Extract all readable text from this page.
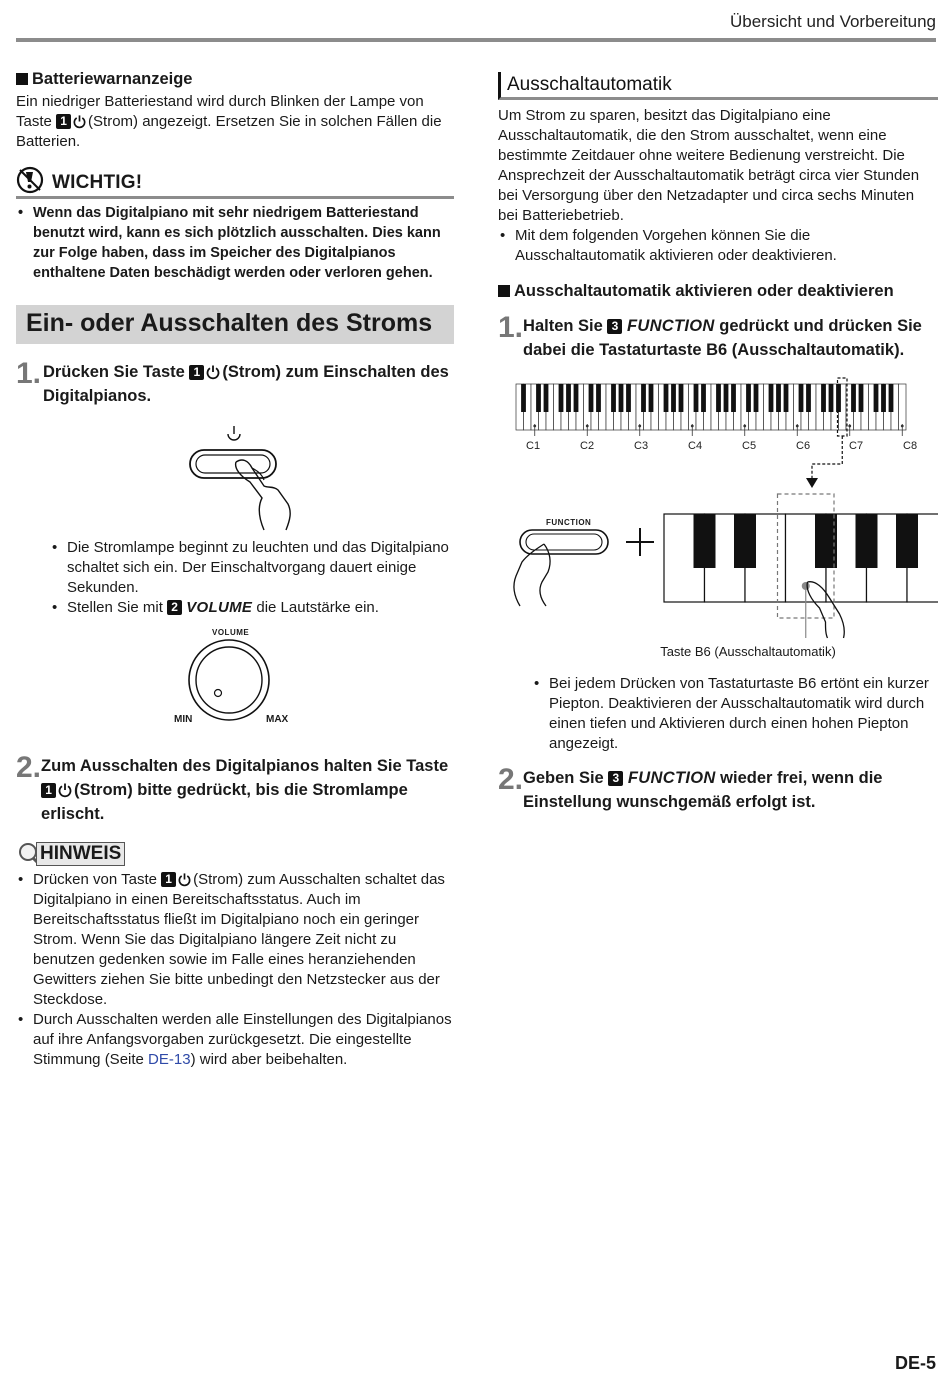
Übersicht und Vorbereitung
Batteriewarnanzeige

Ein niedriger Batteriestand wird durch Blinken der Lampe von Taste 1 (Strom) angezeigt. Ersetzen Sie in solchen Fällen die Batterien.

WICHTIG!
• Wenn das Digitalpiano mit sehr niedrigem Batteriestand benutzt wird, kann es sich plötzlich ausschalten. Dies kann zur Folge haben, dass im Speicher des Digitalpianos enthaltene Daten beschädigt werden oder verloren gehen.
Ein- oder Ausschalten des Stroms
1. Drücken Sie Taste 1 (Strom) zum Einschalten des Digitalpianos.
• Die Stromlampe beginnt zu leuchten und das Digitalpiano schaltet sich ein. Der Einschaltvorgang dauert einige Sekunden.
• Stellen Sie mit 2 VOLUME die Lautstärke ein.
VOLUME
MIN	MAX
2. Zum Ausschalten des Digitalpianos halten Sie Taste 1 (Strom) bitte gedrückt, bis die Stromlampe erlischt.
HINWEIS
• Drücken von Taste 1 (Strom) zum Ausschalten schaltet das Digitalpiano in einen Bereitschaftsstatus. Auch im Bereitschaftsstatus fließt im Digitalpiano noch ein geringer Strom. Wenn Sie das Digitalpiano längere Zeit nicht zu benutzen gedenken sowie im Falle eines heranziehenden Gewitters ziehen Sie bitte unbedingt den Netzstecker aus der Steckdose.
• Durch Ausschalten werden alle Einstellungen des Digitalpianos auf ihre Anfangsvorgaben zurückgesetzt. Die eingestellte Stimmung (Seite DE-13) wird aber beibehalten.
Ausschaltautomatik

Um Strom zu sparen, besitzt das Digitalpiano eine Ausschaltautomatik, die den Strom ausschaltet, wenn eine bestimmte Zeitdauer ohne weitere Bedienung verstreicht. Die Ansprechzeit der Ausschaltautomatik beträgt circa vier Stunden bei Versorgung über den Netzadapter und circa sechs Minuten bei Batteriebetrieb.

• Mit dem folgenden Vorgehen können Sie die Ausschaltautomatik aktivieren oder deaktivieren.
Ausschaltautomatik aktivieren oder deaktivieren
1. Halten Sie 3 FUNCTION gedrückt und drücken Sie dabei die Tastaturtaste B6 (Ausschaltautomatik).
C1	C2	C3	C4	C5	C6	C7	C8
FUNCTION
Taste B6 (Ausschaltautomatik)
• Bei jedem Drücken von Tastaturtaste B6 ertönt ein kurzer Piepton. Deaktivieren der Ausschaltautomatik wird durch einen tiefen und Aktivieren durch einen hohen Piepton angezeigt.
2. Geben Sie 3 FUNCTION wieder frei, wenn die Einstellung wunschgemäß erfolgt ist.
DE-5
